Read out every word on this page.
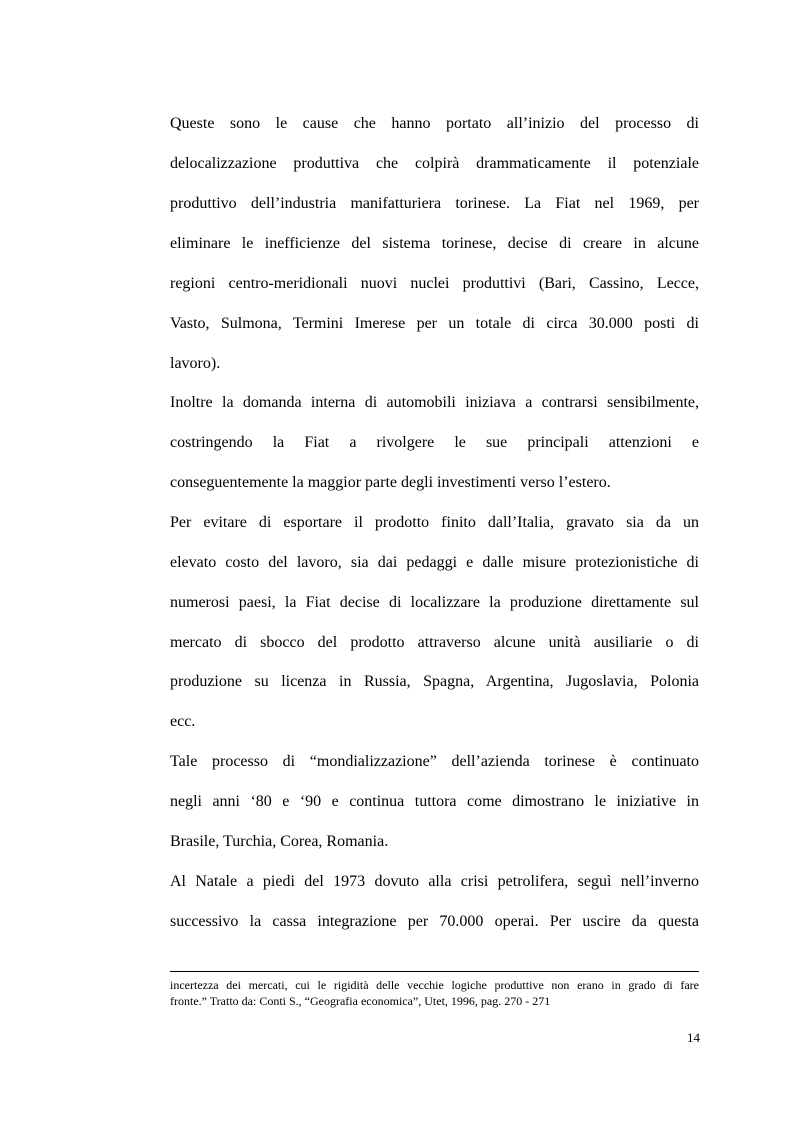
Queste sono le cause che hanno portato all’inizio del processo di
delocalizzazione produttiva che colpirà drammaticamente il potenziale
produttivo dell’industria manifatturiera torinese. La Fiat nel 1969, per
eliminare le inefficienze del sistema torinese, decise di creare in alcune
regioni centro-meridionali nuovi nuclei produttivi (Bari, Cassino, Lecce,
Vasto, Sulmona, Termini Imerese per un totale di circa 30.000 posti di
lavoro).
Inoltre la domanda interna di automobili iniziava a contrarsi sensibilmente,
costringendo la Fiat a rivolgere le sue principali attenzioni e
conseguentemente la maggior parte degli investimenti verso l’estero.
Per evitare di esportare il prodotto finito dall’Italia, gravato sia da un
elevato costo del lavoro, sia dai pedaggi e dalle misure protezionistiche di
numerosi paesi, la Fiat decise di localizzare la produzione direttamente sul
mercato di sbocco del prodotto attraverso alcune unità ausiliarie o di
produzione su licenza in Russia, Spagna, Argentina, Jugoslavia, Polonia
ecc.
Tale processo di “mondializzazione” dell’azienda torinese è continuato
negli anni ‘80 e ‘90 e continua tuttora come dimostrano le iniziative in
Brasile, Turchia, Corea, Romania.
Al Natale a piedi del 1973 dovuto alla crisi petrolifera, seguì nell’inverno
successivo la cassa integrazione per 70.000 operai. Per uscire da questa
incertezza dei mercati, cui le rigidità delle vecchie logiche produttive non erano in grado di fare
fronte.” Tratto da: Conti S., “Geografia economica”, Utet, 1996, pag. 270 - 271
14
